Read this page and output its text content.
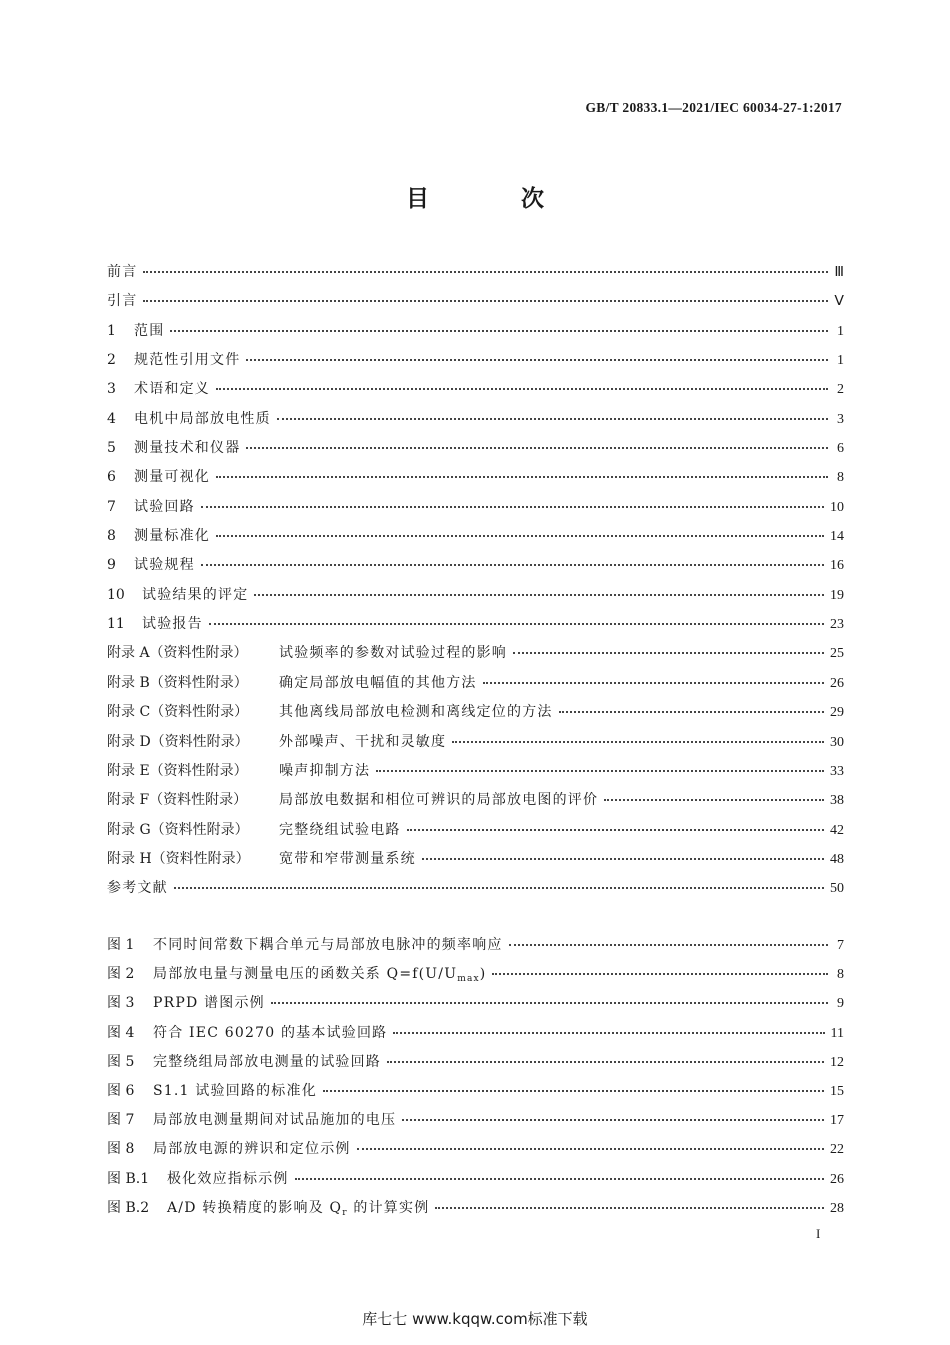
GB/T 20833.1—2021/IEC 60034-27-1:2017
目 次
前言	Ⅲ
引言	Ⅴ
1	范围	1
2	规范性引用文件	1
3	术语和定义	2
4	电机中局部放电性质	3
5	测量技术和仪器	6
6	测量可视化	8
7	试验回路	10
8	测量标准化	14
9	试验规程	16
10	试验结果的评定	19
11	试验报告	23
附录 A（资料性附录）	试验频率的参数对试验过程的影响	25
附录 B（资料性附录）	确定局部放电幅值的其他方法	26
附录 C（资料性附录）	其他离线局部放电检测和离线定位的方法	29
附录 D（资料性附录）	外部噪声、干扰和灵敏度	30
附录 E（资料性附录）	噪声抑制方法	33
附录 F（资料性附录）	局部放电数据和相位可辨识的局部放电图的评价	38
附录 G（资料性附录）	完整绕组试验电路	42
附录 H（资料性附录）	宽带和窄带测量系统	48
参考文献	50
图 1	不同时间常数下耦合单元与局部放电脉冲的频率响应	7
图 2	局部放电量与测量电压的函数关系 $Q=f(U/U_{max})$	8
图 3	PRPD 谱图示例	9
图 4	符合 IEC 60270 的基本试验回路	11
图 5	完整绕组局部放电测量的试验回路	12
图 6	S1.1 试验回路的标准化	15
图 7	局部放电测量期间对试品施加的电压	17
图 8	局部放电源的辨识和定位示例	22
图 B.1	极化效应指标示例	26
图 B.2	A/D 转换精度的影响及 $Q_r$ 的计算实例	28
I
库七七 www.kqqw.com标准下载
